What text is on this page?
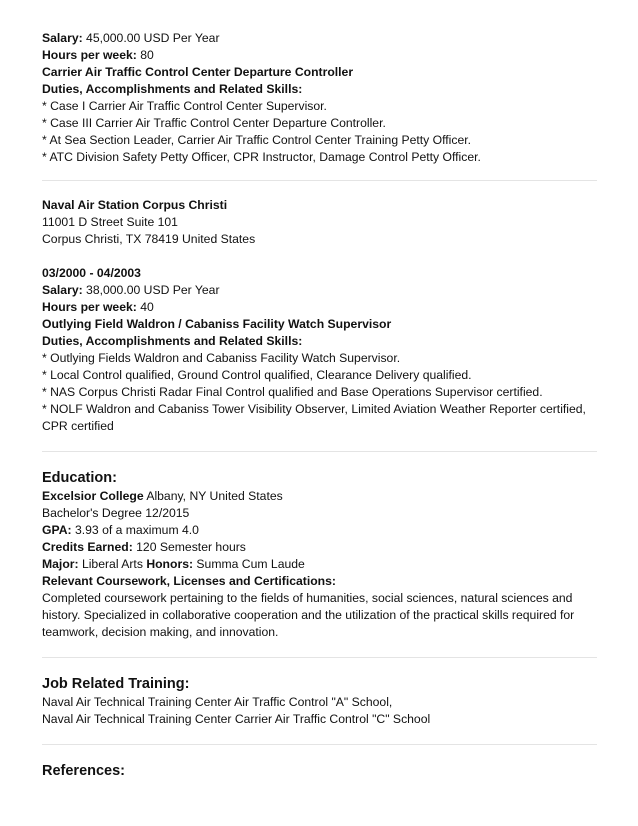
Salary: 45,000.00 USD Per Year
Hours per week: 80
Carrier Air Traffic Control Center Departure Controller
Duties, Accomplishments and Related Skills:
* Case I Carrier Air Traffic Control Center Supervisor.
* Case III Carrier Air Traffic Control Center Departure Controller.
* At Sea Section Leader, Carrier Air Traffic Control Center Training Petty Officer.
* ATC Division Safety Petty Officer, CPR Instructor, Damage Control Petty Officer.
Naval Air Station Corpus Christi
11001 D Street Suite 101
Corpus Christi, TX 78419 United States
03/2000 - 04/2003
Salary: 38,000.00 USD Per Year
Hours per week: 40
Outlying Field Waldron / Cabaniss Facility Watch Supervisor
Duties, Accomplishments and Related Skills:
* Outlying Fields Waldron and Cabaniss Facility Watch Supervisor.
* Local Control qualified, Ground Control qualified, Clearance Delivery qualified.
* NAS Corpus Christi Radar Final Control qualified and Base Operations Supervisor certified.
* NOLF Waldron and Cabaniss Tower Visibility Observer, Limited Aviation Weather Reporter certified,
CPR certified
Education:
Excelsior College Albany, NY United States
Bachelor's Degree 12/2015
GPA: 3.93 of a maximum 4.0
Credits Earned: 120 Semester hours
Major: Liberal Arts Honors: Summa Cum Laude
Relevant Coursework, Licenses and Certifications:
Completed coursework pertaining to the fields of humanities, social sciences, natural sciences and
history. Specialized in collaborative cooperation and the utilization of the practical skills required for
teamwork, decision making, and innovation.
Job Related Training:
Naval Air Technical Training Center Air Traffic Control "A" School,
Naval Air Technical Training Center Carrier Air Traffic Control "C" School
References:
